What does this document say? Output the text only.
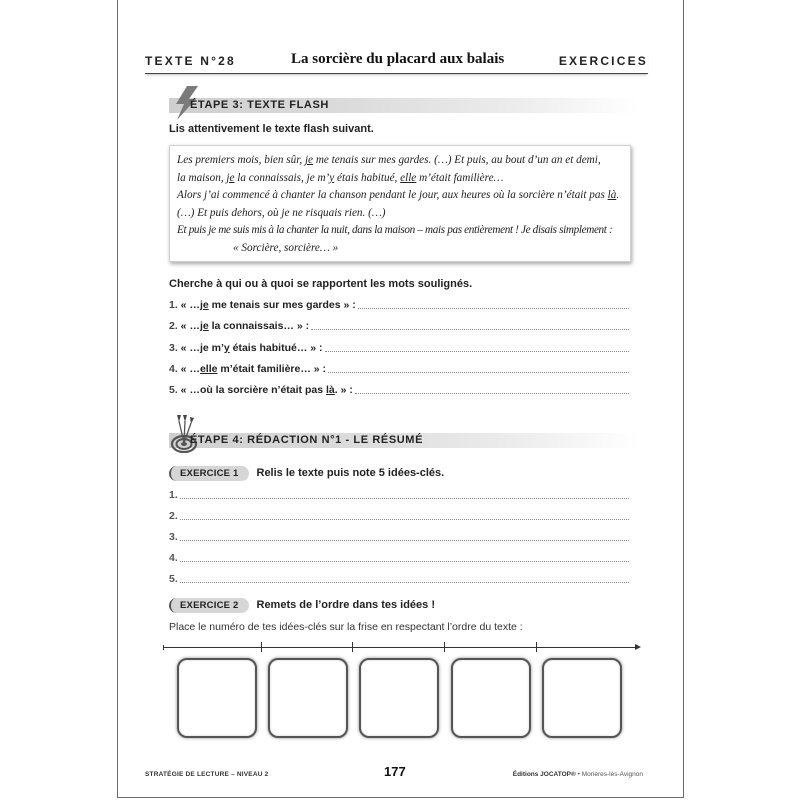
TEXTE N°28	La sorcière du placard aux balais	EXERCICES
ÉTAPE 3: TEXTE FLASH
Lis attentivement le texte flash suivant.
Les premiers mois, bien sûr, je me tenais sur mes gardes. (…) Et puis, au bout d’un an et demi,
la maison, je la connaissais, je m’y étais habitué, elle m’était familière…
Alors j’ai commencé à chanter la chanson pendant le jour, aux heures où la sorcière n’était pas là.
(…) Et puis dehors, où je ne risquais rien. (…)
Et puis je me suis mis à la chanter la nuit, dans la maison – mais pas entièrement ! Je disais simplement :
« Sorcière, sorcière… »
Cherche à qui ou à quoi se rapportent les mots soulignés.
1. « …je me tenais sur mes gardes » :
2. « …je la connaissais… » :
3. « …je m’y étais habitué… » :
4. « …elle m’était familière… » :
5. « …où la sorcière n’était pas là. » :
ÉTAPE 4: RÉDACTION N°1 - LE RÉSUMÉ
EXERCICE 1	Relis le texte puis note 5 idées-clés.
1.
2.
3.
4.
5.
EXERCICE 2	Remets de l’ordre dans tes idées !
Place le numéro de tes idées-clés sur la frise en respectant l’ordre du texte :
STRATÉGIE DE LECTURE – NIVEAU 2	177	Éditions JOCATOP® • Morières-lès-Avignon
